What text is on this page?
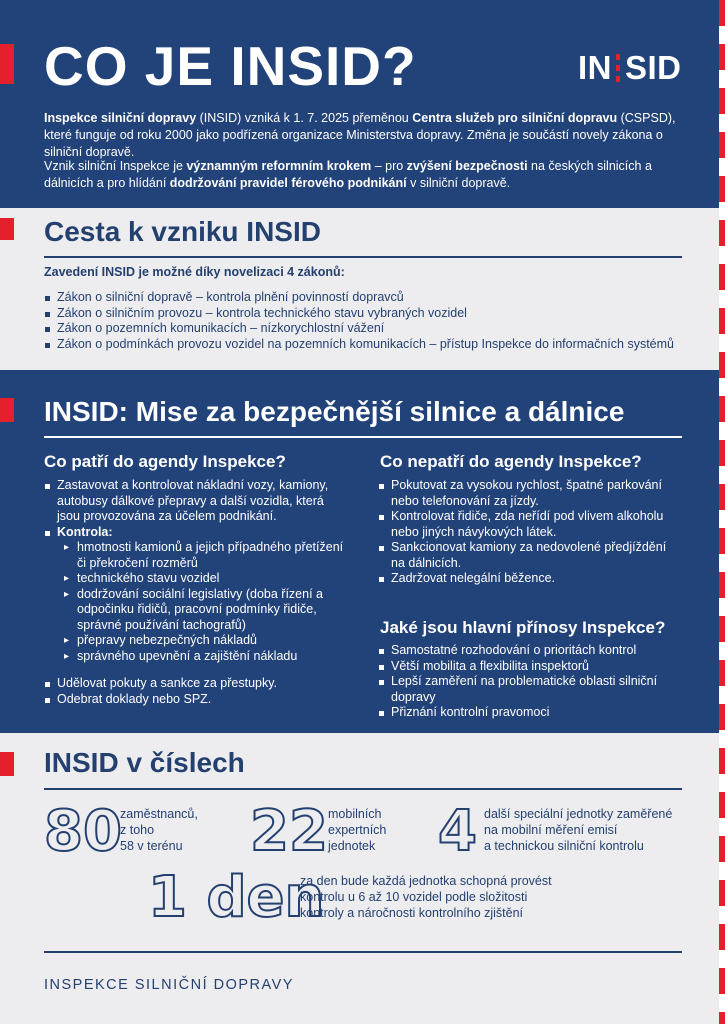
CO JE INSID?	IN SID

Inspekce silniční dopravy (INSID) vzniká k 1. 7. 2025 přeměnou Centra služeb pro silniční dopravu (CSPSD), které funguje od roku 2000 jako podřízená organizace Ministerstva dopravy. Změna je součástí novely zákona o silniční dopravě.

Vznik silniční Inspekce je významným reformním krokem – pro zvýšení bezpečnosti na českých silnicích a dálnicích a pro hlídání dodržování pravidel férového podnikání v silniční dopravě.

Cesta k vzniku INSID
Zavedení INSID je možné díky novelizaci 4 zákonů:
Zákon o silniční dopravě – kontrola plnění povinností dopravců
Zákon o silničním provozu – kontrola technického stavu vybraných vozidel
Zákon o pozemních komunikacích – nízkorychlostní vážení
Zákon o podmínkách provozu vozidel na pozemních komunikacích – přístup Inspekce do informačních systémů
INSID: Mise za bezpečnější silnice a dálnice
Co patří do agendy Inspekce?
Zastavovat a kontrolovat nákladní vozy, kamiony, autobusy dálkové přepravy a další vozidla, která jsou provozována za účelem podnikání.
Kontrola:
▸ hmotnosti kamionů a jejich případného přetížení či překročení rozměrů
▸ technického stavu vozidel
▸ dodržování sociální legislativy (doba řízení a odpočinku řidičů, pracovní podmínky řidiče, správné používání tachografů)
▸ přepravy nebezpečných nákladů
▸ správného upevnění a zajištění nákladu
Udělovat pokuty a sankce za přestupky.
Odebrat doklady nebo SPZ.
Co nepatří do agendy Inspekce?
Pokutovat za vysokou rychlost, špatné parkování nebo telefonování za jízdy.
Kontrolovat řidiče, zda neřídí pod vlivem alkoholu nebo jiných návykových látek.
Sankcionovat kamiony za nedovolené předjíždění na dálnicích.
Zadržovat nelegální běžence.
Jaké jsou hlavní přínosy Inspekce?
Samostatné rozhodování o prioritách kontrol
Větší mobilita a flexibilita inspektorů
Lepší zaměření na problematické oblasti silniční dopravy
Přiznání kontrolní pravomoci
INSID v číslech
80
zaměstnanců,
z toho
58 v terénu 22 mobilních
expertních
jednotek 4 další speciální jednotky zaměřené
na mobilní měření emisí
a technickou silniční kontrolu
1 den
za den bude každá jednotka schopná provést
kontrolu u 6 až 10 vozidel podle složitosti
kontroly a náročnosti kontrolního zjištění
INSPEKCE SILNIČNÍ DOPRAVY
